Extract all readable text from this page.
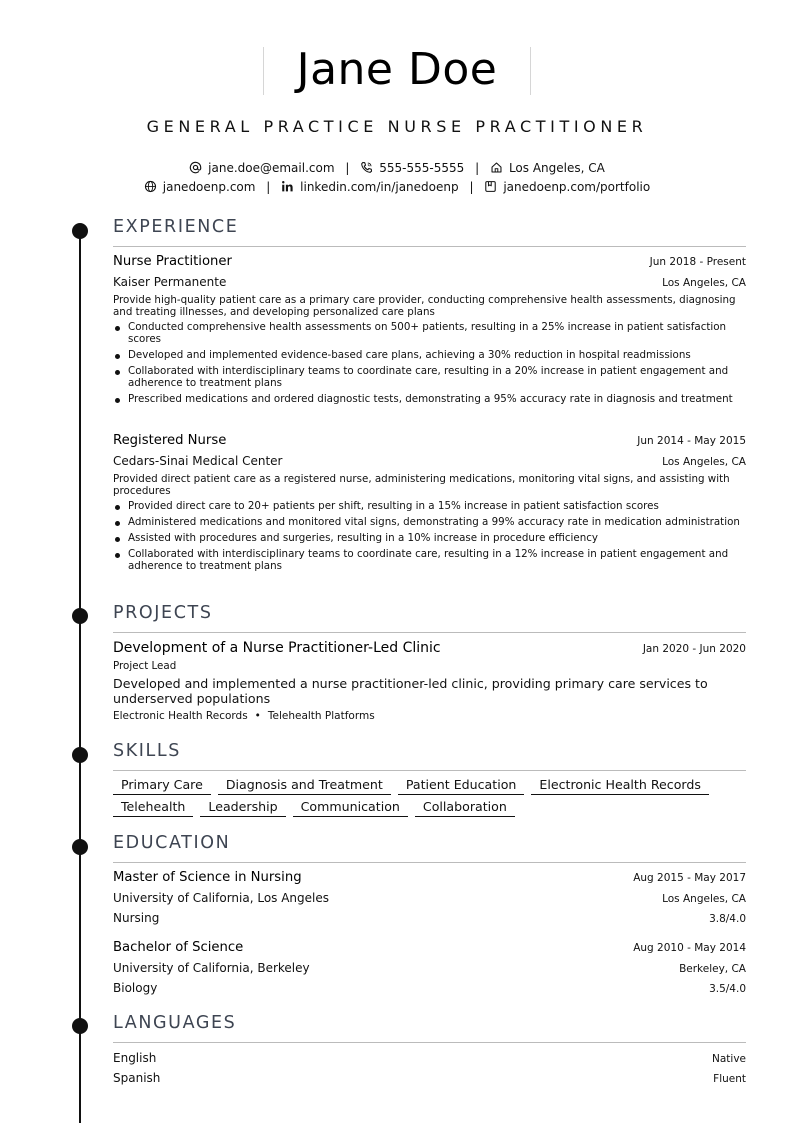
Jane Doe
GENERAL PRACTICE NURSE PRACTITIONER
jane.doe@email.com | 555-555-5555 | Los Angeles, CA
janedoenp.com | linkedin.com/in/janedoenp | janedoenp.com/portfolio
EXPERIENCE
Nurse Practitioner	Jun 2018 - Present
Kaiser Permanente	Los Angeles, CA
Provide high-quality patient care as a primary care provider, conducting comprehensive health assessments, diagnosing and treating illnesses, and developing personalized care plans
Conducted comprehensive health assessments on 500+ patients, resulting in a 25% increase in patient satisfaction scores
Developed and implemented evidence-based care plans, achieving a 30% reduction in hospital readmissions
Collaborated with interdisciplinary teams to coordinate care, resulting in a 20% increase in patient engagement and adherence to treatment plans
Prescribed medications and ordered diagnostic tests, demonstrating a 95% accuracy rate in diagnosis and treatment
Registered Nurse	Jun 2014 - May 2015
Cedars-Sinai Medical Center	Los Angeles, CA
Provided direct patient care as a registered nurse, administering medications, monitoring vital signs, and assisting with procedures
Provided direct care to 20+ patients per shift, resulting in a 15% increase in patient satisfaction scores
Administered medications and monitored vital signs, demonstrating a 99% accuracy rate in medication administration
Assisted with procedures and surgeries, resulting in a 10% increase in procedure efficiency
Collaborated with interdisciplinary teams to coordinate care, resulting in a 12% increase in patient engagement and adherence to treatment plans
PROJECTS
Development of a Nurse Practitioner-Led Clinic	Jan 2020 - Jun 2020
Project Lead
Developed and implemented a nurse practitioner-led clinic, providing primary care services to underserved populations
Electronic Health Records • Telehealth Platforms
SKILLS
Primary Care	Diagnosis and Treatment	Patient Education	Electronic Health Records
Telehealth	Leadership	Communication	Collaboration
EDUCATION
Master of Science in Nursing	Aug 2015 - May 2017
University of California, Los Angeles	Los Angeles, CA
Nursing	3.8/4.0
Bachelor of Science	Aug 2010 - May 2014
University of California, Berkeley	Berkeley, CA
Biology	3.5/4.0
LANGUAGES
English	Native
Spanish	Fluent
